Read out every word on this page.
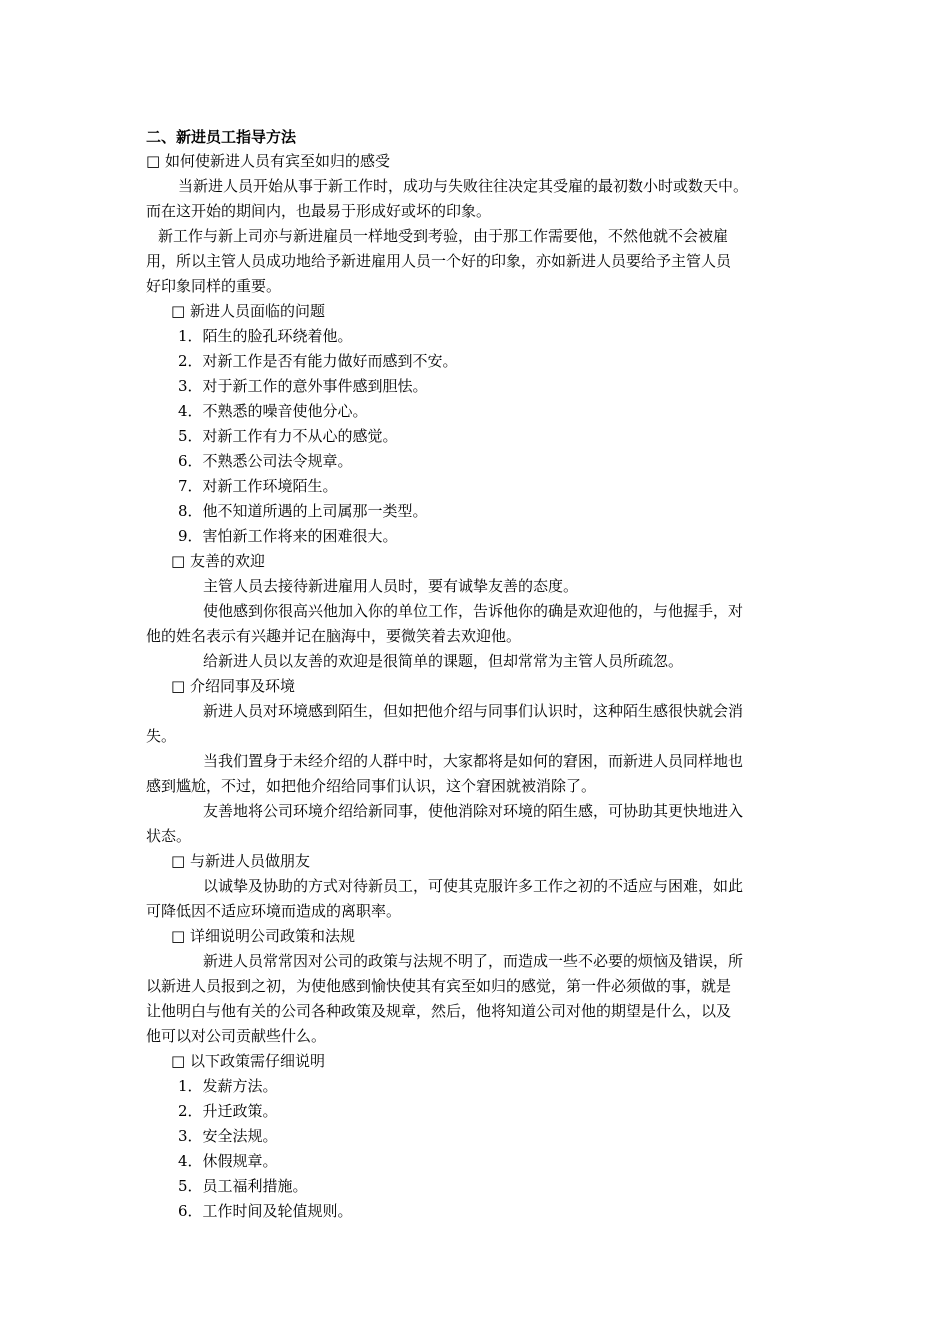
二、新进员工指导方法
□ 如何使新进人员有宾至如归的感受
当新进人员开始从事于新工作时，成功与失败往往决定其受雇的最初数小时或数天中。
而在这开始的期间内，也最易于形成好或坏的印象。
新工作与新上司亦与新进雇员一样地受到考验，由于那工作需要他，不然他就不会被雇
用，所以主管人员成功地给予新进雇用人员一个好的印象，亦如新进人员要给予主管人员
好印象同样的重要。
□ 新进人员面临的问题
1．陌生的脸孔环绕着他。
2．对新工作是否有能力做好而感到不安。
3．对于新工作的意外事件感到胆怯。
4．不熟悉的噪音使他分心。
5．对新工作有力不从心的感觉。
6．不熟悉公司法令规章。
7．对新工作环境陌生。
8．他不知道所遇的上司属那一类型。
9．害怕新工作将来的困难很大。
□ 友善的欢迎
主管人员去接待新进雇用人员时，要有诚挚友善的态度。
使他感到你很高兴他加入你的单位工作，告诉他你的确是欢迎他的，与他握手，对
他的姓名表示有兴趣并记在脑海中，要微笑着去欢迎他。
给新进人员以友善的欢迎是很简单的课题，但却常常为主管人员所疏忽。
□ 介绍同事及环境
新进人员对环境感到陌生，但如把他介绍与同事们认识时，这种陌生感很快就会消
失。
当我们置身于未经介绍的人群中时，大家都将是如何的窘困，而新进人员同样地也
感到尴尬，不过，如把他介绍给同事们认识，这个窘困就被消除了。
友善地将公司环境介绍给新同事，使他消除对环境的陌生感，可协助其更快地进入
状态。
□ 与新进人员做朋友
以诚挚及协助的方式对待新员工，可使其克服许多工作之初的不适应与困难，如此
可降低因不适应环境而造成的离职率。
□ 详细说明公司政策和法规
新进人员常常因对公司的政策与法规不明了，而造成一些不必要的烦恼及错误，所
以新进人员报到之初，为使他感到愉快使其有宾至如归的感觉，第一件必须做的事，就是
让他明白与他有关的公司各种政策及规章，然后，他将知道公司对他的期望是什么，以及
他可以对公司贡献些什么。
□ 以下政策需仔细说明
1．发薪方法。
2．升迁政策。
3．安全法规。
4．休假规章。
5．员工福利措施。
6．工作时间及轮值规则。
